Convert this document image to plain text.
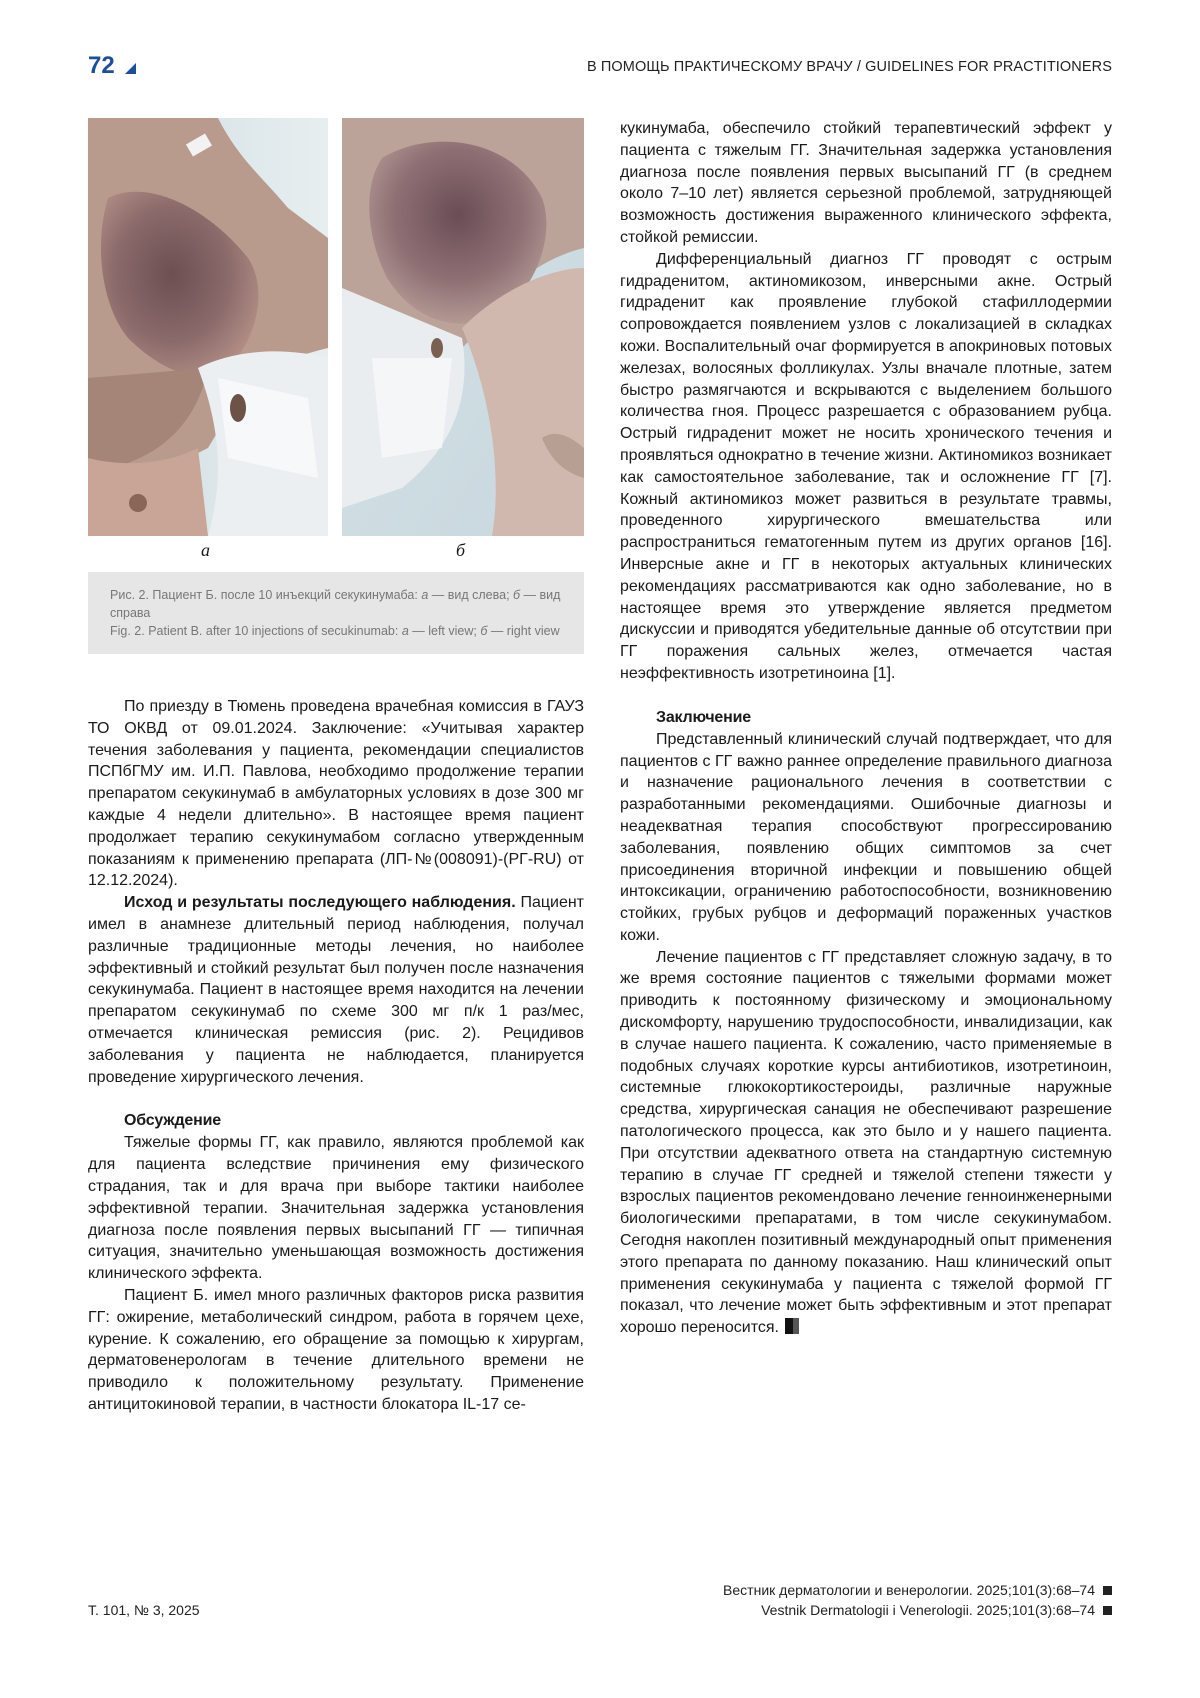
72	В ПОМОЩЬ ПРАКТИЧЕСКОМУ ВРАЧУ / GUIDELINES FOR PRACTITIONERS
а	б
Рис. 2. Пациент Б. после 10 инъекций секукинумаба: а — вид слева; б — вид справа
Fig. 2. Patient B. after 10 injections of secukinumab: а — left view; б — right view

По приезду в Тюмень проведена врачебная комиссия в ГАУЗ ТО ОКВД от 09.01.2024. Заключение: «Учитывая характер течения заболевания у пациента, рекомендации специалистов ПСПбГМУ им. И.П. Павлова, необходимо продолжение терапии препаратом секукинумаб в амбулаторных условиях в дозе 300 мг каждые 4 недели длительно». В настоящее время пациент продолжает терапию секукинумабом согласно утвержденным показаниям к применению препарата (ЛП-№(008091)-(РГ-RU) от 12.12.2024).

Исход и результаты последующего наблюдения. Пациент имел в анамнезе длительный период наблюдения, получал различные традиционные методы лечения, но наиболее эффективный и стойкий результат был получен после назначения секукинумаба. Пациент в настоящее время находится на лечении препаратом секукинумаб по схеме 300 мг п/к 1 раз/мес, отмечается клиническая ремиссия (рис. 2). Рецидивов заболевания у пациента не наблюдается, планируется проведение хирургического лечения.

Обсуждение

Тяжелые формы ГГ, как правило, являются проблемой как для пациента вследствие причинения ему физического страдания, так и для врача при выборе тактики наиболее эффективной терапии. Значительная задержка установления диагноза после появления первых высыпаний ГГ — типичная ситуация, значительно уменьшающая возможность достижения клинического эффекта.

Пациент Б. имел много различных факторов риска развития ГГ: ожирение, метаболический синдром, работа в горячем цехе, курение. К сожалению, его обращение за помощью к хирургам, дерматовенерологам в течение длительного времени не приводило к положительному результату. Применение антицитокиновой терапии, в частности блокатора IL-17 се-

кукинумаба, обеспечило стойкий терапевтический эффект у пациента с тяжелым ГГ. Значительная задержка установления диагноза после появления первых высыпаний ГГ (в среднем около 7–10 лет) является серьезной проблемой, затрудняющей возможность достижения выраженного клинического эффекта, стойкой ремиссии.

Дифференциальный диагноз ГГ проводят с острым гидраденитом, актиномикозом, инверсными акне. Острый гидраденит как проявление глубокой стафиллодермии сопровождается появлением узлов с локализацией в складках кожи. Воспалительный очаг формируется в апокриновых потовых железах, волосяных фолликулах. Узлы вначале плотные, затем быстро размягчаются и вскрываются с выделением большого количества гноя. Процесс разрешается с образованием рубца. Острый гидраденит может не носить хронического течения и проявляться однократно в течение жизни. Актиномикоз возникает как самостоятельное заболевание, так и осложнение ГГ [7]. Кожный актиномикоз может развиться в результате травмы, проведенного хирургического вмешательства или распространиться гематогенным путем из других органов [16]. Инверсные акне и ГГ в некоторых актуальных клинических рекомендациях рассматриваются как одно заболевание, но в настоящее время это утверждение является предметом дискуссии и приводятся убедительные данные об отсутствии при ГГ поражения сальных желез, отмечается частая неэффективность изотретиноина [1].

Заключение

Представленный клинический случай подтверждает, что для пациентов с ГГ важно раннее определение правильного диагноза и назначение рационального лечения в соответствии с разработанными рекомендациями. Ошибочные диагнозы и неадекватная терапия способствуют прогрессированию заболевания, появлению общих симптомов за счет присоединения вторичной инфекции и повышению общей интоксикации, ограничению работоспособности, возникновению стойких, грубых рубцов и деформаций пораженных участков кожи.

Лечение пациентов с ГГ представляет сложную задачу, в то же время состояние пациентов с тяжелыми формами может приводить к постоянному физическому и эмоциональному дискомфорту, нарушению трудоспособности, инвалидизации, как в случае нашего пациента. К сожалению, часто применяемые в подобных случаях короткие курсы антибиотиков, изотретиноин, системные глюкокортикостероиды, различные наружные средства, хирургическая санация не обеспечивают разрешение патологического процесса, как это было и у нашего пациента. При отсутствии адекватного ответа на стандартную системную терапию в случае ГГ средней и тяжелой степени тяжести у взрослых пациентов рекомендовано лечение генноинженерными биологическими препаратами, в том числе секукинумабом. Сегодня накоплен позитивный международный опыт применения этого препарата по данному показанию. Наш клинический опыт применения секукинумаба у пациента с тяжелой формой ГГ показал, что лечение может быть эффективным и этот препарат хорошо переносится.

Вестник дерматологии и венерологии. 2025;101(3):68–74
Т. 101, № 3, 2025	Vestnik Dermatologii i Venerologii. 2025;101(3):68–74
